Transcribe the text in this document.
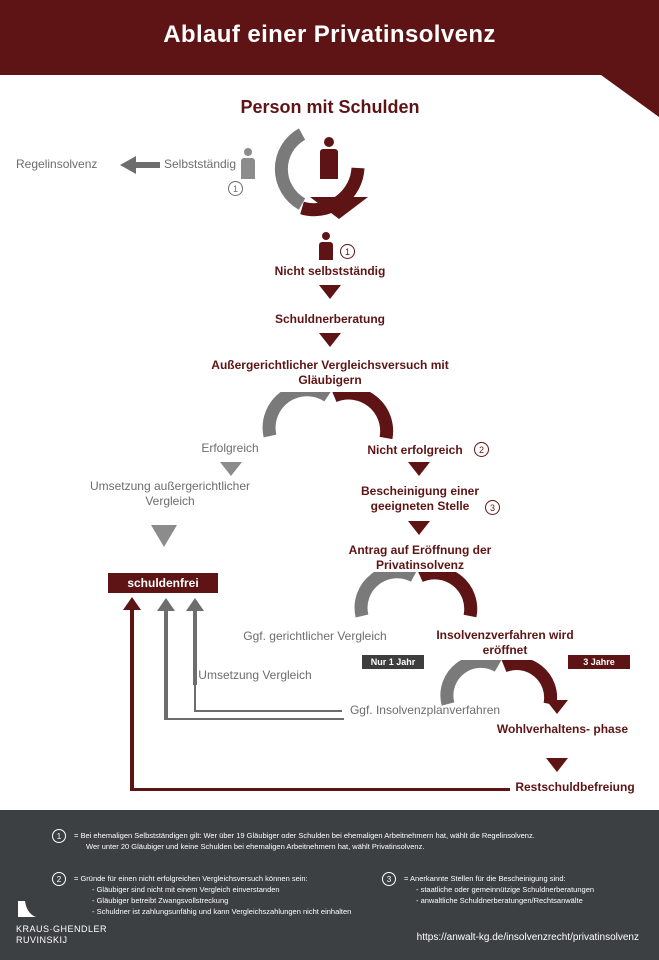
Ablauf einer Privatinsolvenz
Person mit Schulden
Regelinsolvenz	Selbstständig
1
1
Nicht selbstständig
Schuldnerberatung
Außergerichtlicher Vergleichsversuch mit Gläubigern
Erfolgreich	Nicht erfolgreich	2
Umsetzung außergerichtlicher Vergleich
Bescheinigung einer geeigneten Stelle	3
Antrag auf Eröffnung der Privatinsolvenz
schuldenfrei
Ggf. gerichtlicher Vergleich	Insolvenzverfahren wird eröffnet
Nur 1 Jahr	3 Jahre
Umsetzung Vergleich
Ggf. Insolvenzplanverfahren
Wohlverhaltens- phase
Restschuldbefreiung
1	= Bei ehemaligen Selbstständigen gilt: Wer über 19 Gläubiger oder Schulden bei ehemaligen Arbeitnehmern hat, wählt die Regelinsolvenz.
Wer unter 20 Gläubiger und keine Schulden bei ehemaligen Arbeitnehmern hat, wählt Privatinsolvenz.
2	= Gründe für einen nicht erfolgreichen Vergleichsversuch können sein:
- Gläubiger sind nicht mit einem Vergleich einverstanden
- Gläubiger betreibt Zwangsvollstreckung
- Schuldner ist zahlungsunfähig und kann Vergleichszahlungen nicht einhalten
3	= Anerkannte Stellen für die Bescheinigung sind:
- staatliche oder gemeinnützige Schuldnerberatungen
- anwaltliche Schuldnerberatungen/Rechtsanwälte
KRAUS·GHENDLER
RUVINSKIJ	https://anwalt-kg.de/insolvenzrecht/privatinsolvenz
